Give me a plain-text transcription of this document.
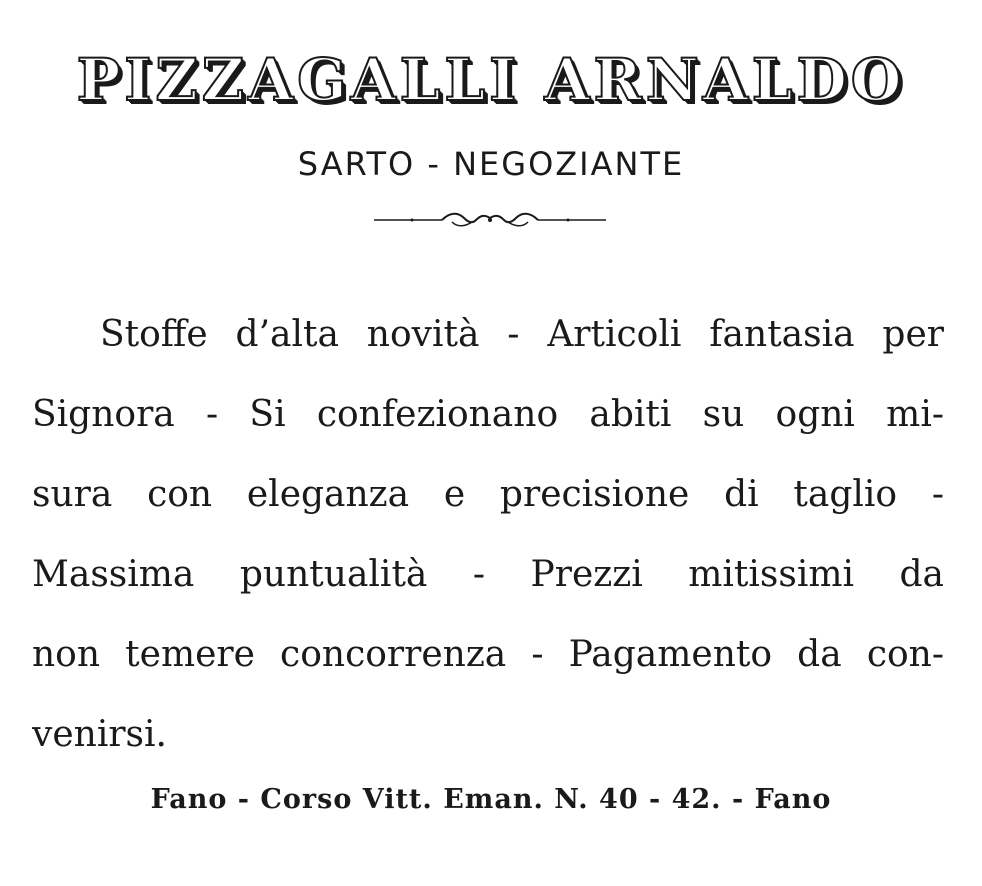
PIZZAGALLI ARNALDO
SARTO - NEGOZIANTE
Stoffe d’alta novità - Articoli fantasia per
Signora - Si confezionano abiti su ogni mi-
sura con eleganza e precisione di taglio -
Massima puntualità - Prezzi mitissimi da
non temere concorrenza - Pagamento da con-
venirsi.
Fano - Corso Vitt. Eman. N. 40 - 42. - Fano
